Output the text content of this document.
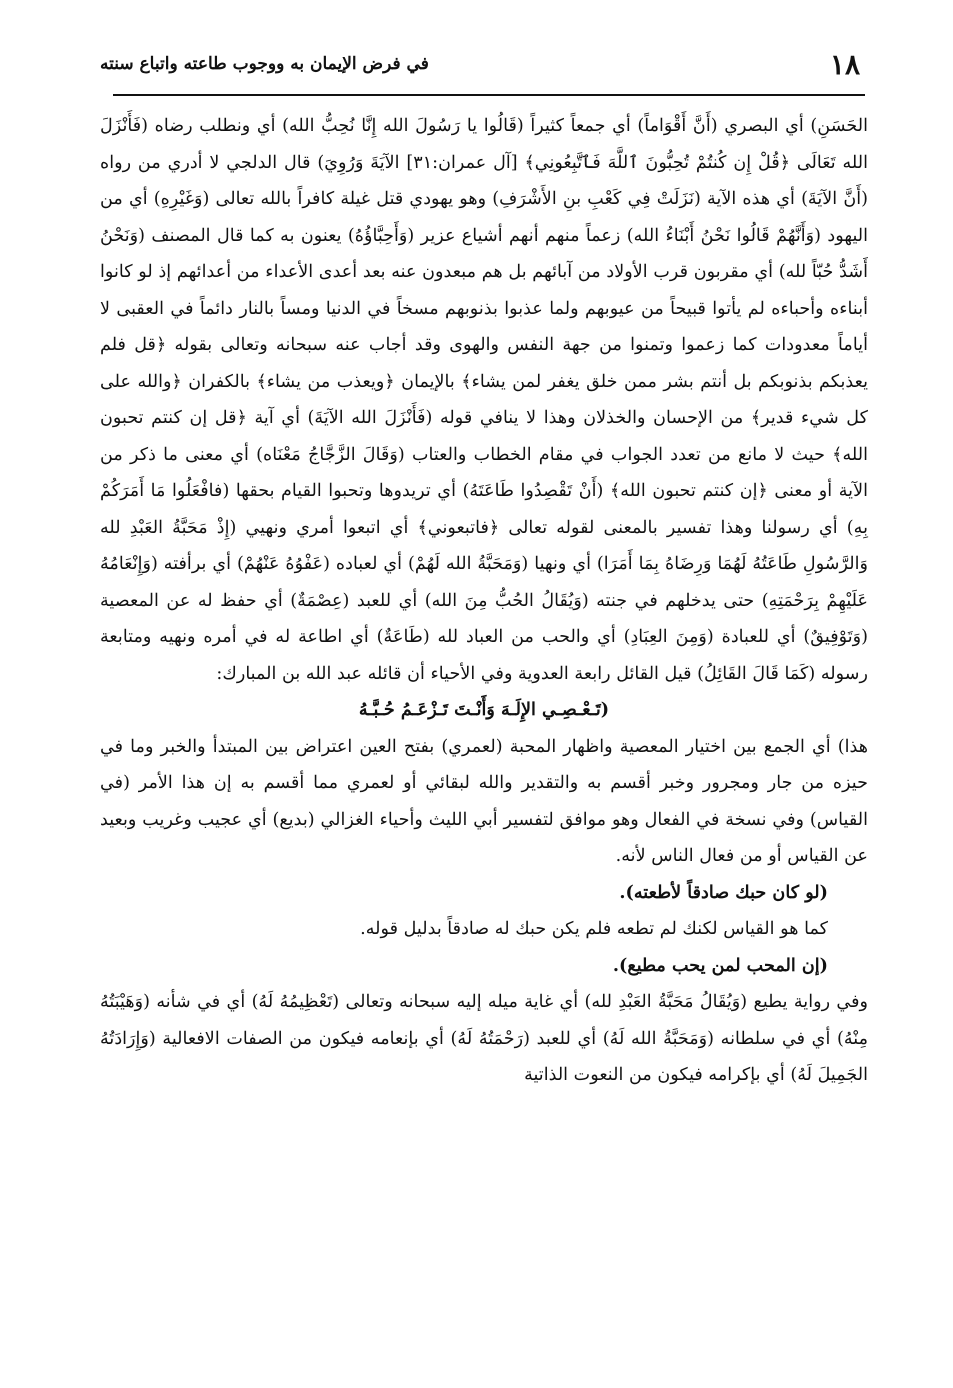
١٨
في فرض الإيمان به ووجوب طاعته واتباع سنته

الحَسَنِ) أي البصري (أَنَّ أَقْوَاماً) أي جمعاً كثيراً (قَالُوا يا رَسُولَ الله إِنَّا نُحِبُّ الله) أي ونطلب رضاه (فَأَنْزَلَ الله تَعَالَى ﴿قُلْ إِن كُنتُمْ تُحِبُّونَ ٱللَّهَ فَٱتَّبِعُونِي﴾ [آل عمران:٣١] الآيَةَ وَرُوِيَ) قال الدلجي لا أدري من رواه (أَنَّ الآيَةَ) أي هذه الآية (نَزَلَتْ فِي كَعْبِ بنِ الأَشْرَفِ) وهو يهودي قتل غيلة كافراً بالله تعالى (وَغَيْرِهِ) أي من اليهود (وَأَنَّهُمْ قَالُوا نَحْنُ أَبْنَاءُ الله) زعماً منهم أنهم أشياع عزير (وَأَحِبَّاؤُهُ) يعنون به كما قال المصنف (وَنَحْنُ أَشَدُّ حُبّاً لله) أي مقربون قرب الأولاد من آبائهم بل هم مبعدون عنه بعد أعدى الأعداء من أعدائهم إذ لو كانوا أبناءه وأحباءه لم يأتوا قبيحاً من عيوبهم ولما عذبوا بذنوبهم مسخاً في الدنيا ومساً بالنار دائماً في العقبى لا أياماً معدودات كما زعموا وتمنوا من جهة النفس والهوى وقد أجاب عنه سبحانه وتعالى بقوله ﴿قل فلم يعذبكم بذنوبكم بل أنتم بشر ممن خلق يغفر لمن يشاء﴾ بالإيمان ﴿ويعذب من يشاء﴾ بالكفران ﴿والله على كل شيء قدير﴾ من الإحسان والخذلان وهذا لا ينافي قوله (فَأَنْزَلَ الله الآيَةَ) أي آية ﴿قل إن كنتم تحبون الله﴾ حيث لا مانع من تعدد الجواب في مقام الخطاب والعتاب (وَقَالَ الزَّجَّاجُ مَعْنَاه) أي معنى ما ذكر من الآية أو معنى ﴿إن كنتم تحبون الله﴾ (أَنْ تَقْصِدُوا طَاعَتَهُ) أي تريدوها وتحبوا القيام بحقها (فافْعَلُوا مَا أَمَرَكُمْ بِهِ) أي رسولنا وهذا تفسير بالمعنى لقوله تعالى ﴿فاتبعوني﴾ أي اتبعوا أمري ونهيي (إِذْ مَحَبَّةُ العَبْدِ لله وَالرَّسُولِ طَاعَتُهُ لَهُمَا وَرِضَاهُ بِمَا أَمَرَا) أي ونهيا (وَمَحَبَّةُ الله لَهُمْ) أي لعباده (عَفْوُهُ عَنْهُمْ) أي برأفته (وَإِنْعَامُهُ عَلَيْهِمْ بِرَحْمَتِهِ) حتى يدخلهم في جنته (وَيُقَالُ الحُبُّ مِنَ الله) أي للعبد (عِصْمَةٌ) أي حفظ له عن المعصية (وَتَوْفِيقٌ) أي للعبادة (وَمِنَ العِبَادِ) أي والحب من العباد لله (طَاعَةٌ) أي اطاعة له في أمره ونهيه ومتابعة رسوله (كَمَا قَالَ القَائِلُ) قيل القائل رابعة العدوية وفي الأحياء أن قائله عبد الله بن المبارك:

(تَـعْـصِـي الإِلَـهَ وَأَنْـتَ تَـزْعَـمُ حُـبَّـهُ

هذا) أي الجمع بين اختيار المعصية واظهار المحبة (لعمري) بفتح العين اعتراض بين المبتدأ والخبر وما في حيزه من جار ومجرور وخبر أقسم به والتقدير والله لبقائي أو لعمري مما أقسم به إن هذا الأمر (في القياس) وفي نسخة في الفعال وهو موافق لتفسير أبي الليث وأحياء الغزالي (بديع) أي عجيب وغريب وبعيد عن القياس أو من فعال الناس لأنه.

(لو كان حبك صادقاً لأطعته).

كما هو القياس لكنك لم تطعه فلم يكن حبك له صادقاً بدليل قوله.

(إن المحب لمن يحب مطيع).

وفي رواية يطيع (وَيُقَالُ مَحَبَّةُ العَبْدِ لله) أي غاية ميله إليه سبحانه وتعالى (تَعْظِيمُهُ لَهُ) أي في شأنه (وَهَيْبَتُهُ مِنْهُ) أي في سلطانه (وَمَحَبَّةُ الله لَهُ) أي للعبد (رَحْمَتُهُ لَهُ) أي بإنعامه فيكون من الصفات الافعالية (وَإِرَادَتُهُ الجَمِيلَ لَهُ) أي بإكرامه فيكون من النعوت الذاتية
